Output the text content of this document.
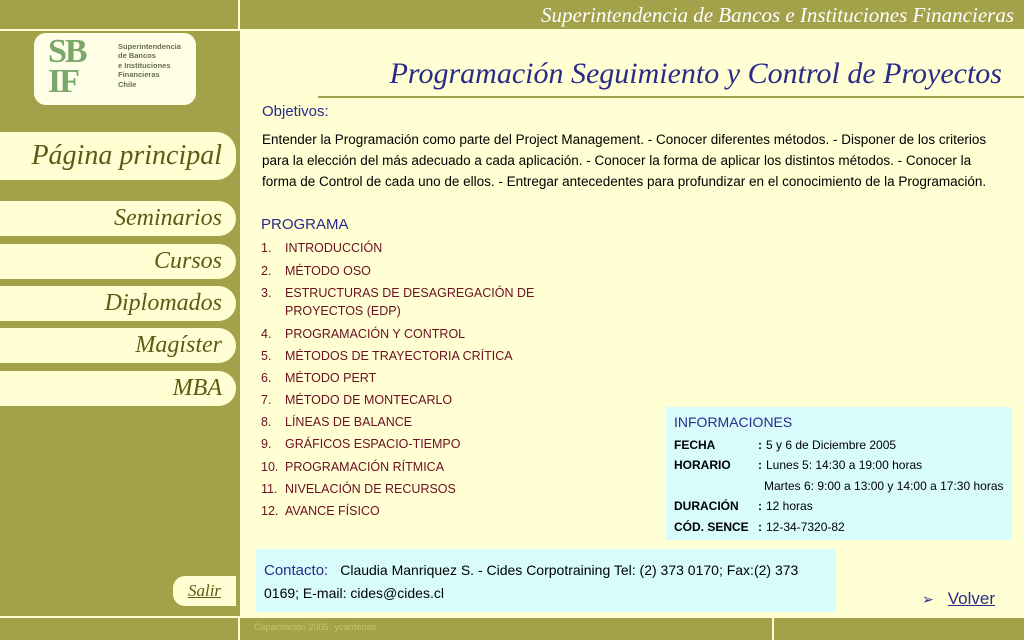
Superintendencia de Bancos e Instituciones Financieras
SB
IF
Superintendencia
de Bancos
e Instituciones
Financieras
Chile
Página principal
Seminarios
Cursos
Diplomados
Magíster
MBA
Salir
Programación Seguimiento y Control de Proyectos
Objetivos:
Entender la Programación como parte del Project Management. - Conocer diferentes métodos. - Disponer de los criterios para la elección del más adecuado a cada aplicación. - Conocer la forma de aplicar los distintos métodos. - Conocer la forma de Control de cada uno de ellos. - Entregar antecedentes para profundizar en el conocimiento de la Programación.
PROGRAMA
1.	INTRODUCCIÓN
2.	MÉTODO OSO
3.	ESTRUCTURAS DE DESAGREGACIÓN DE PROYECTOS (EDP)
4.	PROGRAMACIÓN Y CONTROL
5.	MÉTODOS DE TRAYECTORIA CRÍTICA
6.	MÉTODO PERT
7.	MÉTODO DE MONTECARLO
8.	LÍNEAS DE BALANCE
9.	GRÁFICOS ESPACIO-TIEMPO
10. PROGRAMACIÓN RÍTMICA
11. NIVELACIÓN DE RECURSOS
12. AVANCE FÍSICO
INFORMACIONES
FECHA	: 5 y 6 de Diciembre 2005
HORARIO	: Lunes 5: 14:30 a 19:00 horas
Martes 6: 9:00 a 13:00 y 14:00 a 17:30 horas
DURACIÓN	: 12 horas
CÓD. SENCE : 12-34-7320-82
Contacto: Claudia Manriquez S. - Cides Corpotraining Tel: (2) 373 0170; Fax:(2) 373 0169; E-mail: cides@cides.cl	➢ Volver
Capacitación 2005 ycardenas
